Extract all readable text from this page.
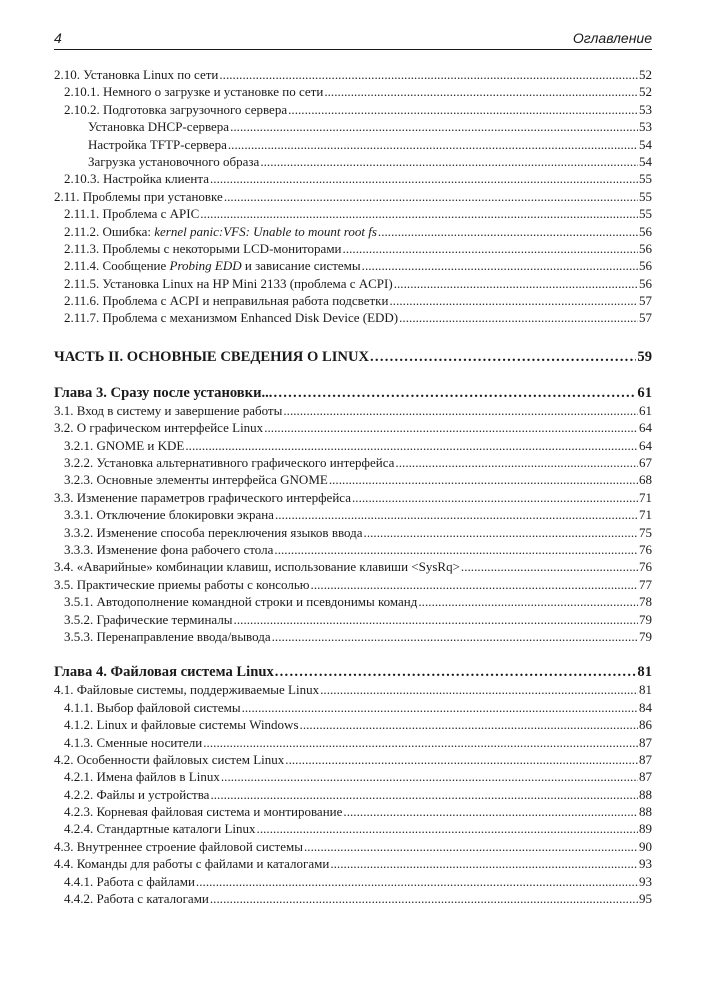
4	Оглавление
2.10. Установка Linux по сети . . .	52
2.10.1. Немного о загрузке и установке по сети . . .	52
2.10.2. Подготовка загрузочного сервера . . .	53
Установка DHCP-сервера . . .	53
Настройка TFTP-сервера . . .	54
Загрузка установочного образа . . .	54
2.10.3. Настройка клиента . . .	55
2.11. Проблемы при установке . . .	55
2.11.1. Проблема с APIC . . .	55
2.11.2. Ошибка: kernel panic:VFS: Unable to mount root fs . . .	56
2.11.3. Проблемы с некоторыми LCD-мониторами . . .	56
2.11.4. Сообщение Probing EDD и зависание системы . . .	56
2.11.5. Установка Linux на HP Mini 2133 (проблема с ACPI) . . .	56
2.11.6. Проблема с ACPI и неправильная работа подсветки . . .	57
2.11.7. Проблема с механизмом Enhanced Disk Device (EDD) . . .	57
ЧАСТЬ II. ОСНОВНЫЕ СВЕДЕНИЯ О LINUX . . .	59
Глава 3. Сразу после установки... . . .	61
3.1. Вход в систему и завершение работы . . .	61
3.2. О графическом интерфейсе Linux . . .	64
3.2.1. GNOME и KDE . . .	64
3.2.2. Установка альтернативного графического интерфейса . . .	67
3.2.3. Основные элементы интерфейса GNOME . . .	68
3.3. Изменение параметров графического интерфейса . . .	71
3.3.1. Отключение блокировки экрана . . .	71
3.3.2. Изменение способа переключения языков ввода . . .	75
3.3.3. Изменение фона рабочего стола . . .	76
3.4. «Аварийные» комбинации клавиш, использование клавиши <SysRq> . . .	76
3.5. Практические приемы работы с консолью . . .	77
3.5.1. Автодополнение командной строки и псевдонимы команд . . .	78
3.5.2. Графические терминалы . . .	79
3.5.3. Перенаправление ввода/вывода . . .	79
Глава 4. Файловая система Linux . . .	81
4.1. Файловые системы, поддерживаемые Linux . . .	81
4.1.1. Выбор файловой системы . . .	84
4.1.2. Linux и файловые системы Windows . . .	86
4.1.3. Сменные носители . . .	87
4.2. Особенности файловых систем Linux . . .	87
4.2.1. Имена файлов в Linux . . .	87
4.2.2. Файлы и устройства . . .	88
4.2.3. Корневая файловая система и монтирование . . .	88
4.2.4. Стандартные каталоги Linux . . .	89
4.3. Внутреннее строение файловой системы . . .	90
4.4. Команды для работы с файлами и каталогами . . .	93
4.4.1. Работа с файлами . . .	93
4.4.2. Работа с каталогами . . .	95
